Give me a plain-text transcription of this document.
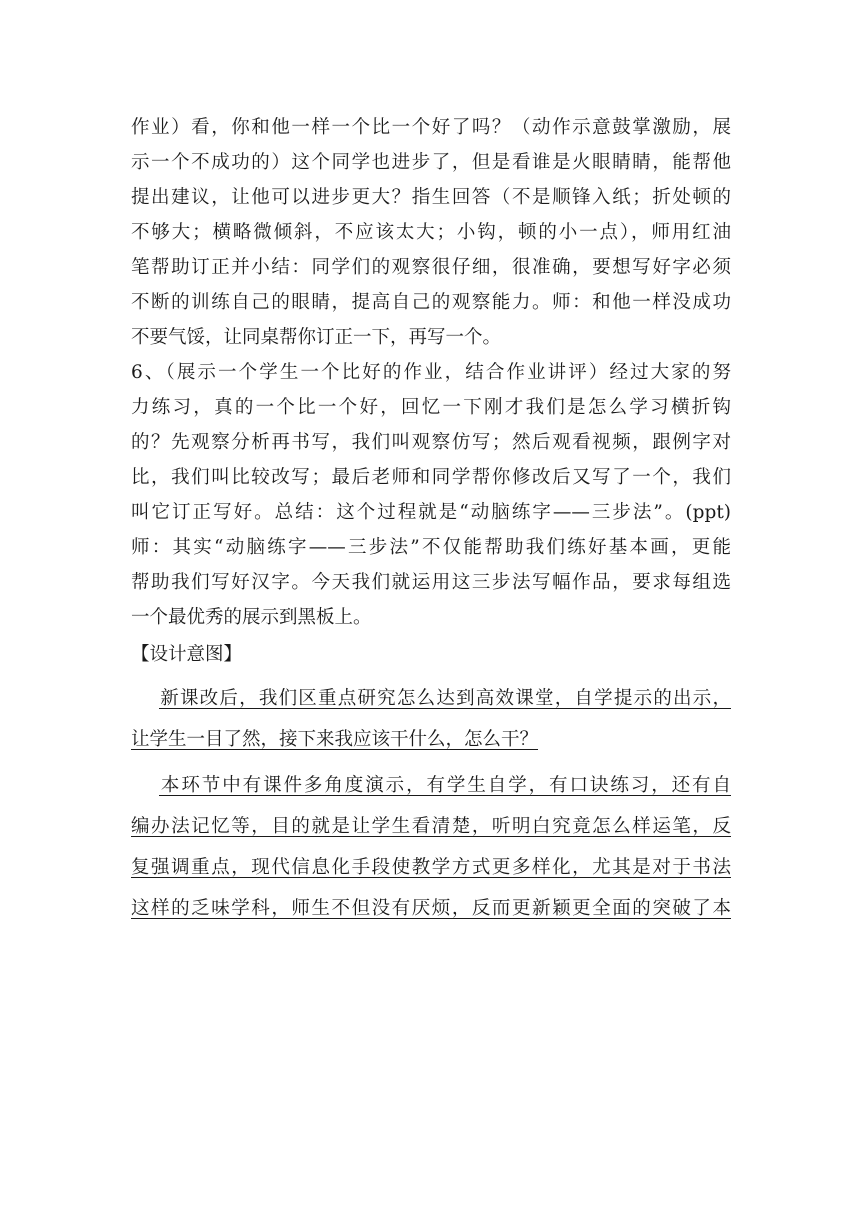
作业）看，你和他一样一个比一个好了吗？（动作示意鼓掌激励，展
示一个不成功的）这个同学也进步了，但是看谁是火眼睛睛，能帮他
提出建议，让他可以进步更大？指生回答（不是顺锋入纸；折处顿的
不够大；横略微倾斜，不应该太大；小钩，顿的小一点），师用红油
笔帮助订正并小结：同学们的观察很仔细，很准确，要想写好字必须
不断的训练自己的眼睛，提高自己的观察能力。师：和他一样没成功
不要气馁，让同桌帮你订正一下，再写一个。
6、（展示一个学生一个比好的作业，结合作业讲评）经过大家的努
力练习，真的一个比一个好，回忆一下刚才我们是怎么学习横折钩
的？先观察分析再书写，我们叫观察仿写；然后观看视频，跟例字对
比，我们叫比较改写；最后老师和同学帮你修改后又写了一个，我们
叫它订正写好。总结：这个过程就是“动脑练字——三步法”。(ppt)
师：其实“动脑练字——三步法”不仅能帮助我们练好基本画，更能
帮助我们写好汉字。今天我们就运用这三步法写幅作品，要求每组选
一个最优秀的展示到黑板上。
【设计意图】
新课改后，我们区重点研究怎么达到高效课堂，自学提示的出示，
让学生一目了然，接下来我应该干什么，怎么干？
本环节中有课件多角度演示，有学生自学，有口诀练习，还有自
编办法记忆等，目的就是让学生看清楚，听明白究竟怎么样运笔，反
复强调重点，现代信息化手段使教学方式更多样化，尤其是对于书法
这样的乏味学科，师生不但没有厌烦，反而更新颖更全面的突破了本
